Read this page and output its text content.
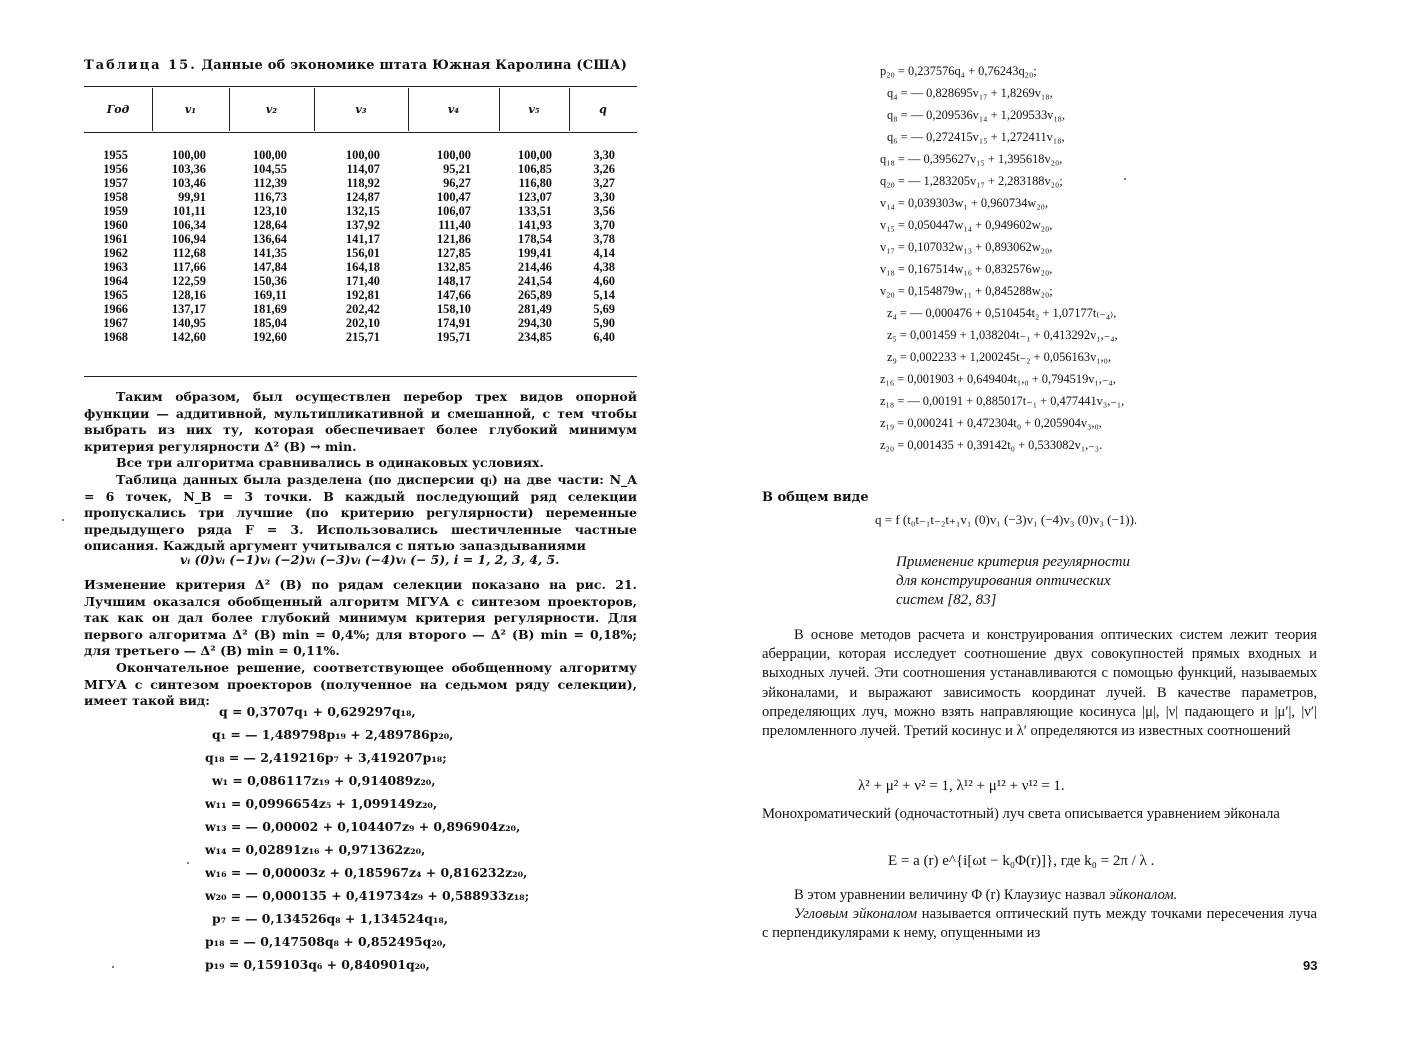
Таблица 15. Данные об экономике штата Южная Каролина (США)
Год	v₁	v₂	v₃	v₄	v₅	q
1955	100,00	100,00	100,00	100,00	100,00	3,30
1956	103,36	104,55	114,07	95,21	106,85	3,26
1957	103,46	112,39	118,92	96,27	116,80	3,27
1958	99,91	116,73	124,87	100,47	123,07	3,30
1959	101,11	123,10	132,15	106,07	133,51	3,56
1960	106,34	128,64	137,92	111,40	141,93	3,70
1961	106,94	136,64	141,17	121,86	178,54	3,78
1962	112,68	141,35	156,01	127,85	199,41	4,14
1963	117,66	147,84	164,18	132,85	214,46	4,38
1964	122,59	150,36	171,40	148,17	241,54	4,60
1965	128,16	169,11	192,81	147,66	265,89	5,14
1966	137,17	181,69	202,42	158,10	281,49	5,69
1967	140,95	185,04	202,10	174,91	294,30	5,90
1968	142,60	192,60	215,71	195,71	234,85	6,40

Таким образом, был осуществлен перебор трех видов опорной функции — аддитивной, мультипликативной и смешанной, с тем чтобы выбрать из них ту, которая обеспечивает более глубокий минимум критерия регулярности Δ² (B) → min.

Все три алгоритма сравнивались в одинаковых условиях.

Таблица данных была разделена (по дисперсии qᵢ) на две части: N_A = 6 точек, N_B = 3 точки. В каждый последующий ряд селекции пропускались три лучшие (по критерию регулярности) переменные предыдущего ряда F = 3. Использовались шестичленные частные описания. Каждый аргумент учитывался с пятью запаздываниями

vᵢ (0)vᵢ (−1)vᵢ (−2)vᵢ (−3)vᵢ (−4)vᵢ (− 5), i = 1, 2, 3, 4, 5.

Изменение критерия Δ² (B) по рядам селекции показано на рис. 21. Лучшим оказался обобщенный алгоритм МГУА с синтезом проекторов, так как он дал более глубокий минимум критерия регулярности. Для первого алгоритма Δ² (B) min = 0,4%; для второго — Δ² (B) min = 0,18%; для третьего — Δ² (B) min = 0,11%.

Окончательное решение, соответствующее обобщенному алгоритму МГУА с синтезом проекторов (полученное на седьмом ряду селекции), имеет такой вид:

q = 0,3707q₁ + 0,629297q₁₈,
q₁ = — 1,489798p₁₉ + 2,489786p₂₀,
q₁₈ = — 2,419216p₇ + 3,419207p₁₈;
w₁ = 0,086117z₁₉ + 0,914089z₂₀,
w₁₁ = 0,0996654z₅ + 1,099149z₂₀,
w₁₃ = — 0,00002 + 0,104407z₉ + 0,896904z₂₀,
w₁₄ = 0,02891z₁₆ + 0,971362z₂₀,
w₁₆ = — 0,00003z + 0,185967z₄ + 0,816232z₂₀,
w₂₀ = — 0,000135 + 0,419734z₉ + 0,588933z₁₈;
p₇ = — 0,134526q₈ + 1,134524q₁₈,
p₁₈ = — 0,147508q₈ + 0,852495q₂₀,
p₁₉ = 0,159103q₆ + 0,840901q₂₀,
p₂₀ = 0,237576q₄ + 0,76243q₂₀;
q₄ = — 0,828695v₁₇ + 1,8269v₁₈,
q₈ = — 0,209536v₁₄ + 1,209533v₁₈,
q₆ = — 0,272415v₁₅ + 1,272411v₁₈,
q₁₈ = — 0,395627v₁₅ + 1,395618v₂₀,
q₂₀ = — 1,283205v₁₇ + 2,283188v₂₀;
v₁₄ = 0,039303w₁ + 0,960734w₂₀,
v₁₅ = 0,050447w₁₄ + 0,949602w₂₀,
v₁₇ = 0,107032w₁₃ + 0,893062w₂₀,
v₁₈ = 0,167514w₁₆ + 0,832576w₂₀,
v₂₀ = 0,154879w₁₁ + 0,845288w₂₀;
z₄ = — 0,000476 + 0,510454t₂ + 1,07177t₍₋₄₎,
z₅ = 0,001459 + 1,038204t₋₁ + 0,413292v₁,₋₄,
z₉ = 0,002233 + 1,200245t₋₂ + 0,056163v₁,₀,
z₁₆ = 0,001903 + 0,649404t₁,₀ + 0,794519v₁,₋₄,
z₁₈ = — 0,00191 + 0,885017t₋₁ + 0,477441v₃,₋₁,
z₁₉ = 0,000241 + 0,472304t₀ + 0,205904v₃,₀,
z₂₀ = 0,001435 + 0,39142t₀ + 0,533082v₁,₋₃.
В общем виде
q = f (t₀t₋₁t₋₂t₊₁v₁ (0)v₁ (−3)v₁ (−4)v₃ (0)v₃ (−1)).
Применение критерия регулярности
для конструирования оптических
систем [82, 83]

В основе методов расчета и конструирования оптических систем лежит теория аберрации, которая исследует соотношение двух совокупностей прямых входных и выходных лучей. Эти соотношения устанавливаются с помощью функций, называемых эйконалами, и выражают зависимость координат лучей. В качестве параметров, определяющих луч, можно взять направляющие косинуса |μ|, |ν| падающего и |μ′|, |ν′| преломленного лучей. Третий косинус и λ′ определяются из известных соотношений

λ² + μ² + ν² = 1, λ¹² + μ¹² + ν¹² = 1.

Монохроматический (одночастотный) луч света описывается уравнением эйконала

E = a (r) e^{i[ωt − k₀Φ(r)]}, где k₀ = 2π / λ .

В этом уравнении величину Φ (r) Клаузиус назвал эйконалом.

Угловым эйконалом называется оптический путь между точками пересечения луча с перпендикулярами к нему, опущенными из

93
